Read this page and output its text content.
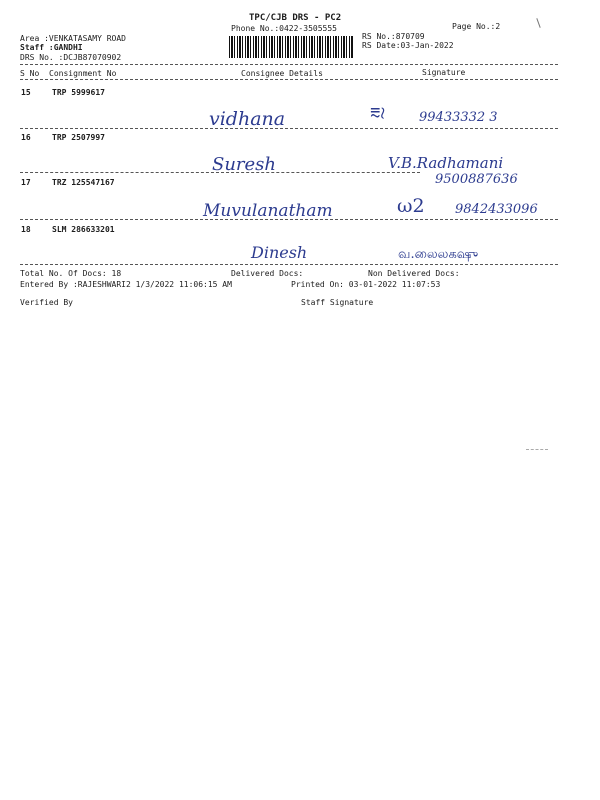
TPC/CJB DRS - PC2
Phone No.:0422-3505555	Page No.:2
Area :VENKATASAMY ROAD
Staff :GANDHI
DRS No. :DCJB87070902
RS No.:870709
RS Date:03-Jan-2022
S No Consignment No	Consignee Details	Signature
15	TRP 5999617
vidhana	⩳≀	99433332 3
16	TRP 2507997
Suresh	V.B.Radhamani
9500887636
17	TRZ 125547167
Muvulanatham	ω2 9842433096
18	SLM 286633201
Dinesh	வ.லைலகஷு
Total No. Of Docs: 18	Delivered Docs:	Non Delivered Docs:
Entered By :RAJESHWARI2 1/3/2022 11:06:15 AM	Printed On: 03-01-2022 11:07:53
Verified By	Staff Signature
